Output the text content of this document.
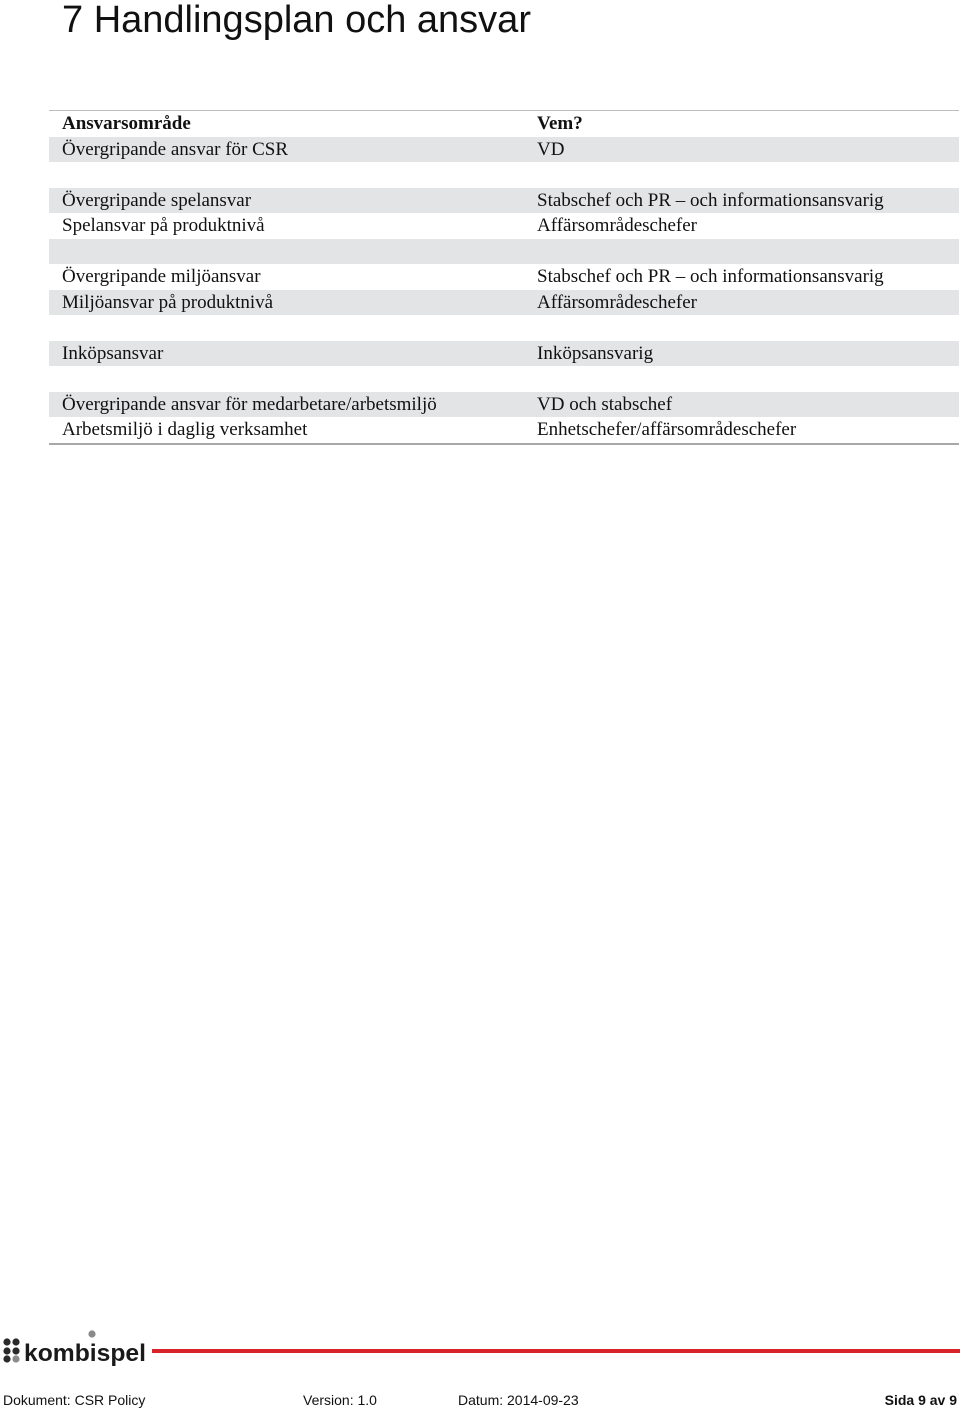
7 Handlingsplan och ansvar
Ansvarsområde	Vem?
Övergripande ansvar för CSR	VD
Övergripande spelansvar	Stabschef och PR – och informationsansvarig
Spelansvar på produktnivå	Affärsområdeschefer
Övergripande miljöansvar	Stabschef och PR – och informationsansvarig
Miljöansvar på produktnivå	Affärsområdeschefer
Inköpsansvar	Inköpsansvarig
Övergripande ansvar för medarbetare/arbetsmiljö	VD och stabschef
Arbetsmiljö i daglig verksamhet	Enhetschefer/affärsområdeschefer
kombispel
Dokument: CSR Policy	Version: 1.0	Datum: 2014-09-23	Sida 9 av 9
